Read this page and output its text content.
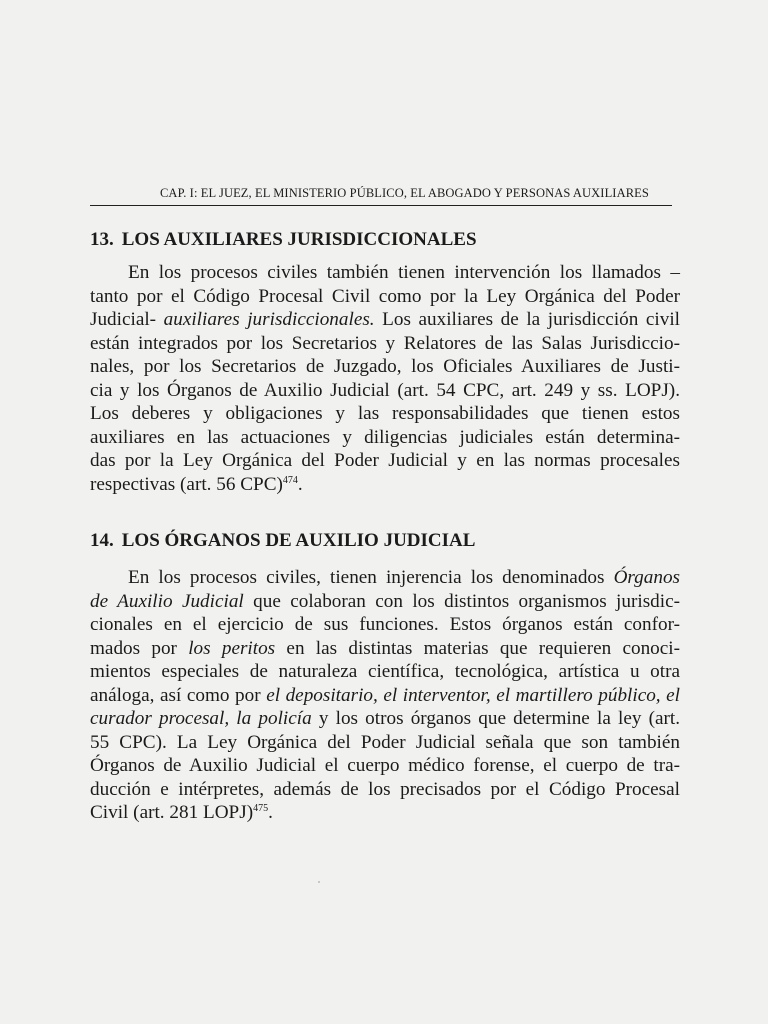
CAP. I: EL JUEZ, EL MINISTERIO PÚBLICO, EL ABOGADO Y PERSONAS AUXILIARES
13. LOS AUXILIARES JURISDICCIONALES
En los procesos civiles también tienen intervención los llamados –
tanto por el Código Procesal Civil como por la Ley Orgánica del Poder
Judicial- auxiliares jurisdiccionales. Los auxiliares de la jurisdicción civil
están integrados por los Secretarios y Relatores de las Salas Jurisdiccio-
nales, por los Secretarios de Juzgado, los Oficiales Auxiliares de Justi-
cia y los Órganos de Auxilio Judicial (art. 54 CPC, art. 249 y ss. LOPJ).
Los deberes y obligaciones y las responsabilidades que tienen estos
auxiliares en las actuaciones y diligencias judiciales están determina-
das por la Ley Orgánica del Poder Judicial y en las normas procesales
respectivas (art. 56 CPC)$^{474}$.
14. LOS ÓRGANOS DE AUXILIO JUDICIAL
En los procesos civiles, tienen injerencia los denominados Órganos
de Auxilio Judicial que colaboran con los distintos organismos jurisdic-
cionales en el ejercicio de sus funciones. Estos órganos están confor-
mados por los peritos en las distintas materias que requieren conoci-
mientos especiales de naturaleza científica, tecnológica, artística u otra
análoga, así como por el depositario, el interventor, el martillero público, el
curador procesal, la policía y los otros órganos que determine la ley (art.
55 CPC). La Ley Orgánica del Poder Judicial señala que son también
Órganos de Auxilio Judicial el cuerpo médico forense, el cuerpo de tra-
ducción e intérpretes, además de los precisados por el Código Procesal
Civil (art. 281 LOPJ)$^{475}$.
